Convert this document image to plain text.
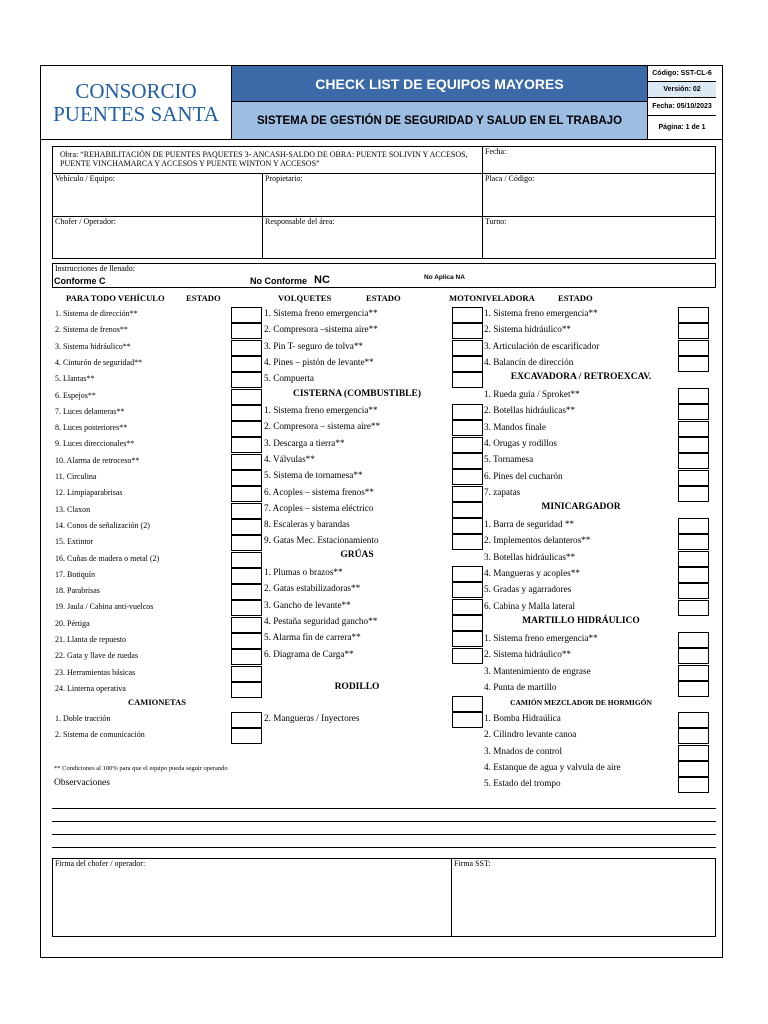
CONSORCIO
PUENTES SANTA
CHECK LIST DE EQUIPOS MAYORES
SISTEMA DE GESTIÓN DE SEGURIDAD Y SALUD EN EL TRABAJO
Código: SST-CL-6
Versión: 02
Fecha: 05/10/2023
Página: 1 de 1
Obra: “REHABILITACIÓN DE PUENTES PAQUETES 3- ANCASH-SALDO DE OBRA: PUENTE SOLIVIN Y ACCESOS, PUENTE VINCHAMARCA Y ACCESOS Y PUENTE WINTON Y ACCESOS”
Fecha:
Vehículo / Equipo:	Propietario:	Placa / Código:
Chofer / Operador:	Responsable del área:	Turno:
Instrucciones de llenado:
Conforme C	No Conforme NC	No Aplica NA
PARA TODO VEHÍCULO ESTADO
1. Sistema de dirección**
2. Sistema de frenos**
3. Sistema hidráulico**
4. Cinturón de seguridad**
5. Llantas**
6. Espejos**
7. Luces delanteras**
8. Luces posteriores**
9. Luces direccionales**
10. Alarma de retroceso**
11. Circulina
12. Limpiaparabrisas
13. Claxon
14. Conos de señalización (2)
15. Extintor
16. Cuñas de madera o metal (2)
17. Botiquín
18. Parabrisas
19. Jaula / Cabina anti-vuelcos
20. Pértiga
21. Llanta de repuesto
22. Gata y llave de ruedas
23. Herramientas básicas
24. Linterna operativa
CAMIONETAS
1. Doble tracción
2. Sistema de comunicación
** Condiciones al 100% para que el equipo pueda seguir operando
Observaciones
VOLQUETES	ESTADO
1. Sistema freno emergencia**
2. Compresora –sistema aire**
3. Pin T- seguro de tolva**
4. Pines – pistón de levante**
5. Compuerta
CISTERNA (COMBUSTIBLE)
1. Sistema freno emergencia**
2. Compresora – sistema aire**
3. Descarga a tierra**
4. Válvulas**
5. Sistema de tornamesa**
6. Acoples – sistema frenos**
7. Acoples – sistema eléctrico
8. Escaleras y barandas
9. Gatas Mec. Estacionamiento
GRÚAS
1. Plumas o brazos**
2. Gatas estabilizadoras**
3. Gancho de levante**
4. Pestaña seguridad gancho**
5. Alarma fin de carrera**
6. Diagrama de Carga**
RODILLO
2. Mangueras / Inyectores
MOTONIVELADORA	ESTADO
1. Sistema freno emergencia**
2. Sistema hidráulico**
3. Articulación de escarificador
4. Balancín de dirección
EXCAVADORA / RETROEXCAV.
1. Rueda guía / Sproket**
2. Botellas hidráulicas**
3. Mandos finale
4. Orugas y rodillos
5. Tornamesa
6. Pines del cucharón
7. zapatas
MINICARGADOR
1. Barra de seguridad **
2. Implementos delanteros**
3. Botellas hidráulicas**
4. Mangueras y acoples**
5. Gradas y agarradores
6. Cabina y Malla lateral
MARTILLO HIDRÁULICO
1. Sistema freno emergencia**
2. Sistema hidráulico**
3. Mantenimiento de engrase
4. Punta de martillo
CAMIÓN MEZCLADOR DE HORMIGÓN
1. Bomba Hidraúlica
2. Cilindro levante canoa
3. Mnados de control
4. Estanque de agua y valvula de aire
5. Estado del trompo
Firma del chofer / operador:	Firma SST:
